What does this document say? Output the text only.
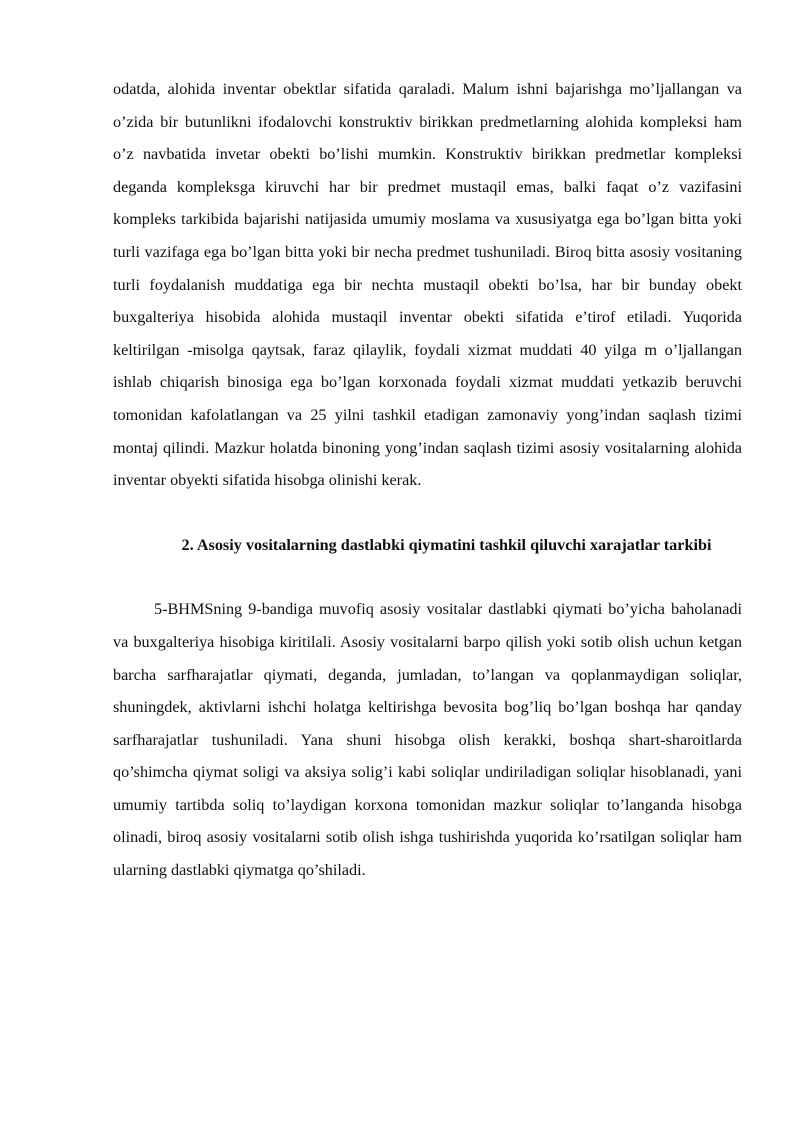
odatda, alohida inventar obektlar sifatida qaraladi. Malum ishni bajarishga mo’ljallangan va o’zida bir butunlikni ifodalovchi konstruktiv birikkan predmetlarning alohida kompleksi ham o’z navbatida invetar obekti bo’lishi mumkin. Konstruktiv birikkan predmetlar kompleksi deganda kompleksga kiruvchi har bir predmet mustaqil emas, balki faqat o’z vazifasini kompleks tarkibida bajarishi natijasida umumiy moslama va xususiyatga ega bo’lgan bitta yoki turli vazifaga ega bo’lgan bitta yoki bir necha predmet tushuniladi. Biroq bitta asosiy vositaning turli foydalanish muddatiga ega bir nechta mustaqil obekti bo’lsa, har bir bunday obekt buxgalteriya hisobida alohida mustaqil inventar obekti sifatida e’tirof etiladi. Yuqorida keltirilgan -misolga qaytsak, faraz qilaylik, foydali xizmat muddati 40 yilga m o’ljallangan ishlab chiqarish binosiga ega bo’lgan korxonada foydali xizmat muddati yetkazib beruvchi tomonidan kafolatlangan va 25 yilni tashkil etadigan zamonaviy yong’indan saqlash tizimi montaj qilindi. Mazkur holatda binoning yong’indan saqlash tizimi asosiy vositalarning alohida inventar obyekti sifatida hisobga olinishi kerak.

2. Asosiy vositalarning dastlabki qiymatini tashkil qiluvchi xarajatlar tarkibi

5-BHMSning 9-bandiga muvofiq asosiy vositalar dastlabki qiymati bo’yicha baholanadi va buxgalteriya hisobiga kiritilali. Asosiy vositalarni barpo qilish yoki sotib olish uchun ketgan barcha sarfharajatlar qiymati, deganda, jumladan, to’langan va qoplanmaydigan soliqlar, shuningdek, aktivlarni ishchi holatga keltirishga bevosita bog’liq bo’lgan boshqa har qanday sarfharajatlar tushuniladi. Yana shuni hisobga olish kerakki, boshqa shart-sharoitlarda qo’shimcha qiymat soligi va aksiya solig’i kabi soliqlar undiriladigan soliqlar hisoblanadi, yani umumiy tartibda soliq to’laydigan korxona tomonidan mazkur soliqlar to’langanda hisobga olinadi, biroq asosiy vositalarni sotib olish ishga tushirishda yuqorida ko’rsatilgan soliqlar ham ularning dastlabki qiymatga qo’shiladi.
